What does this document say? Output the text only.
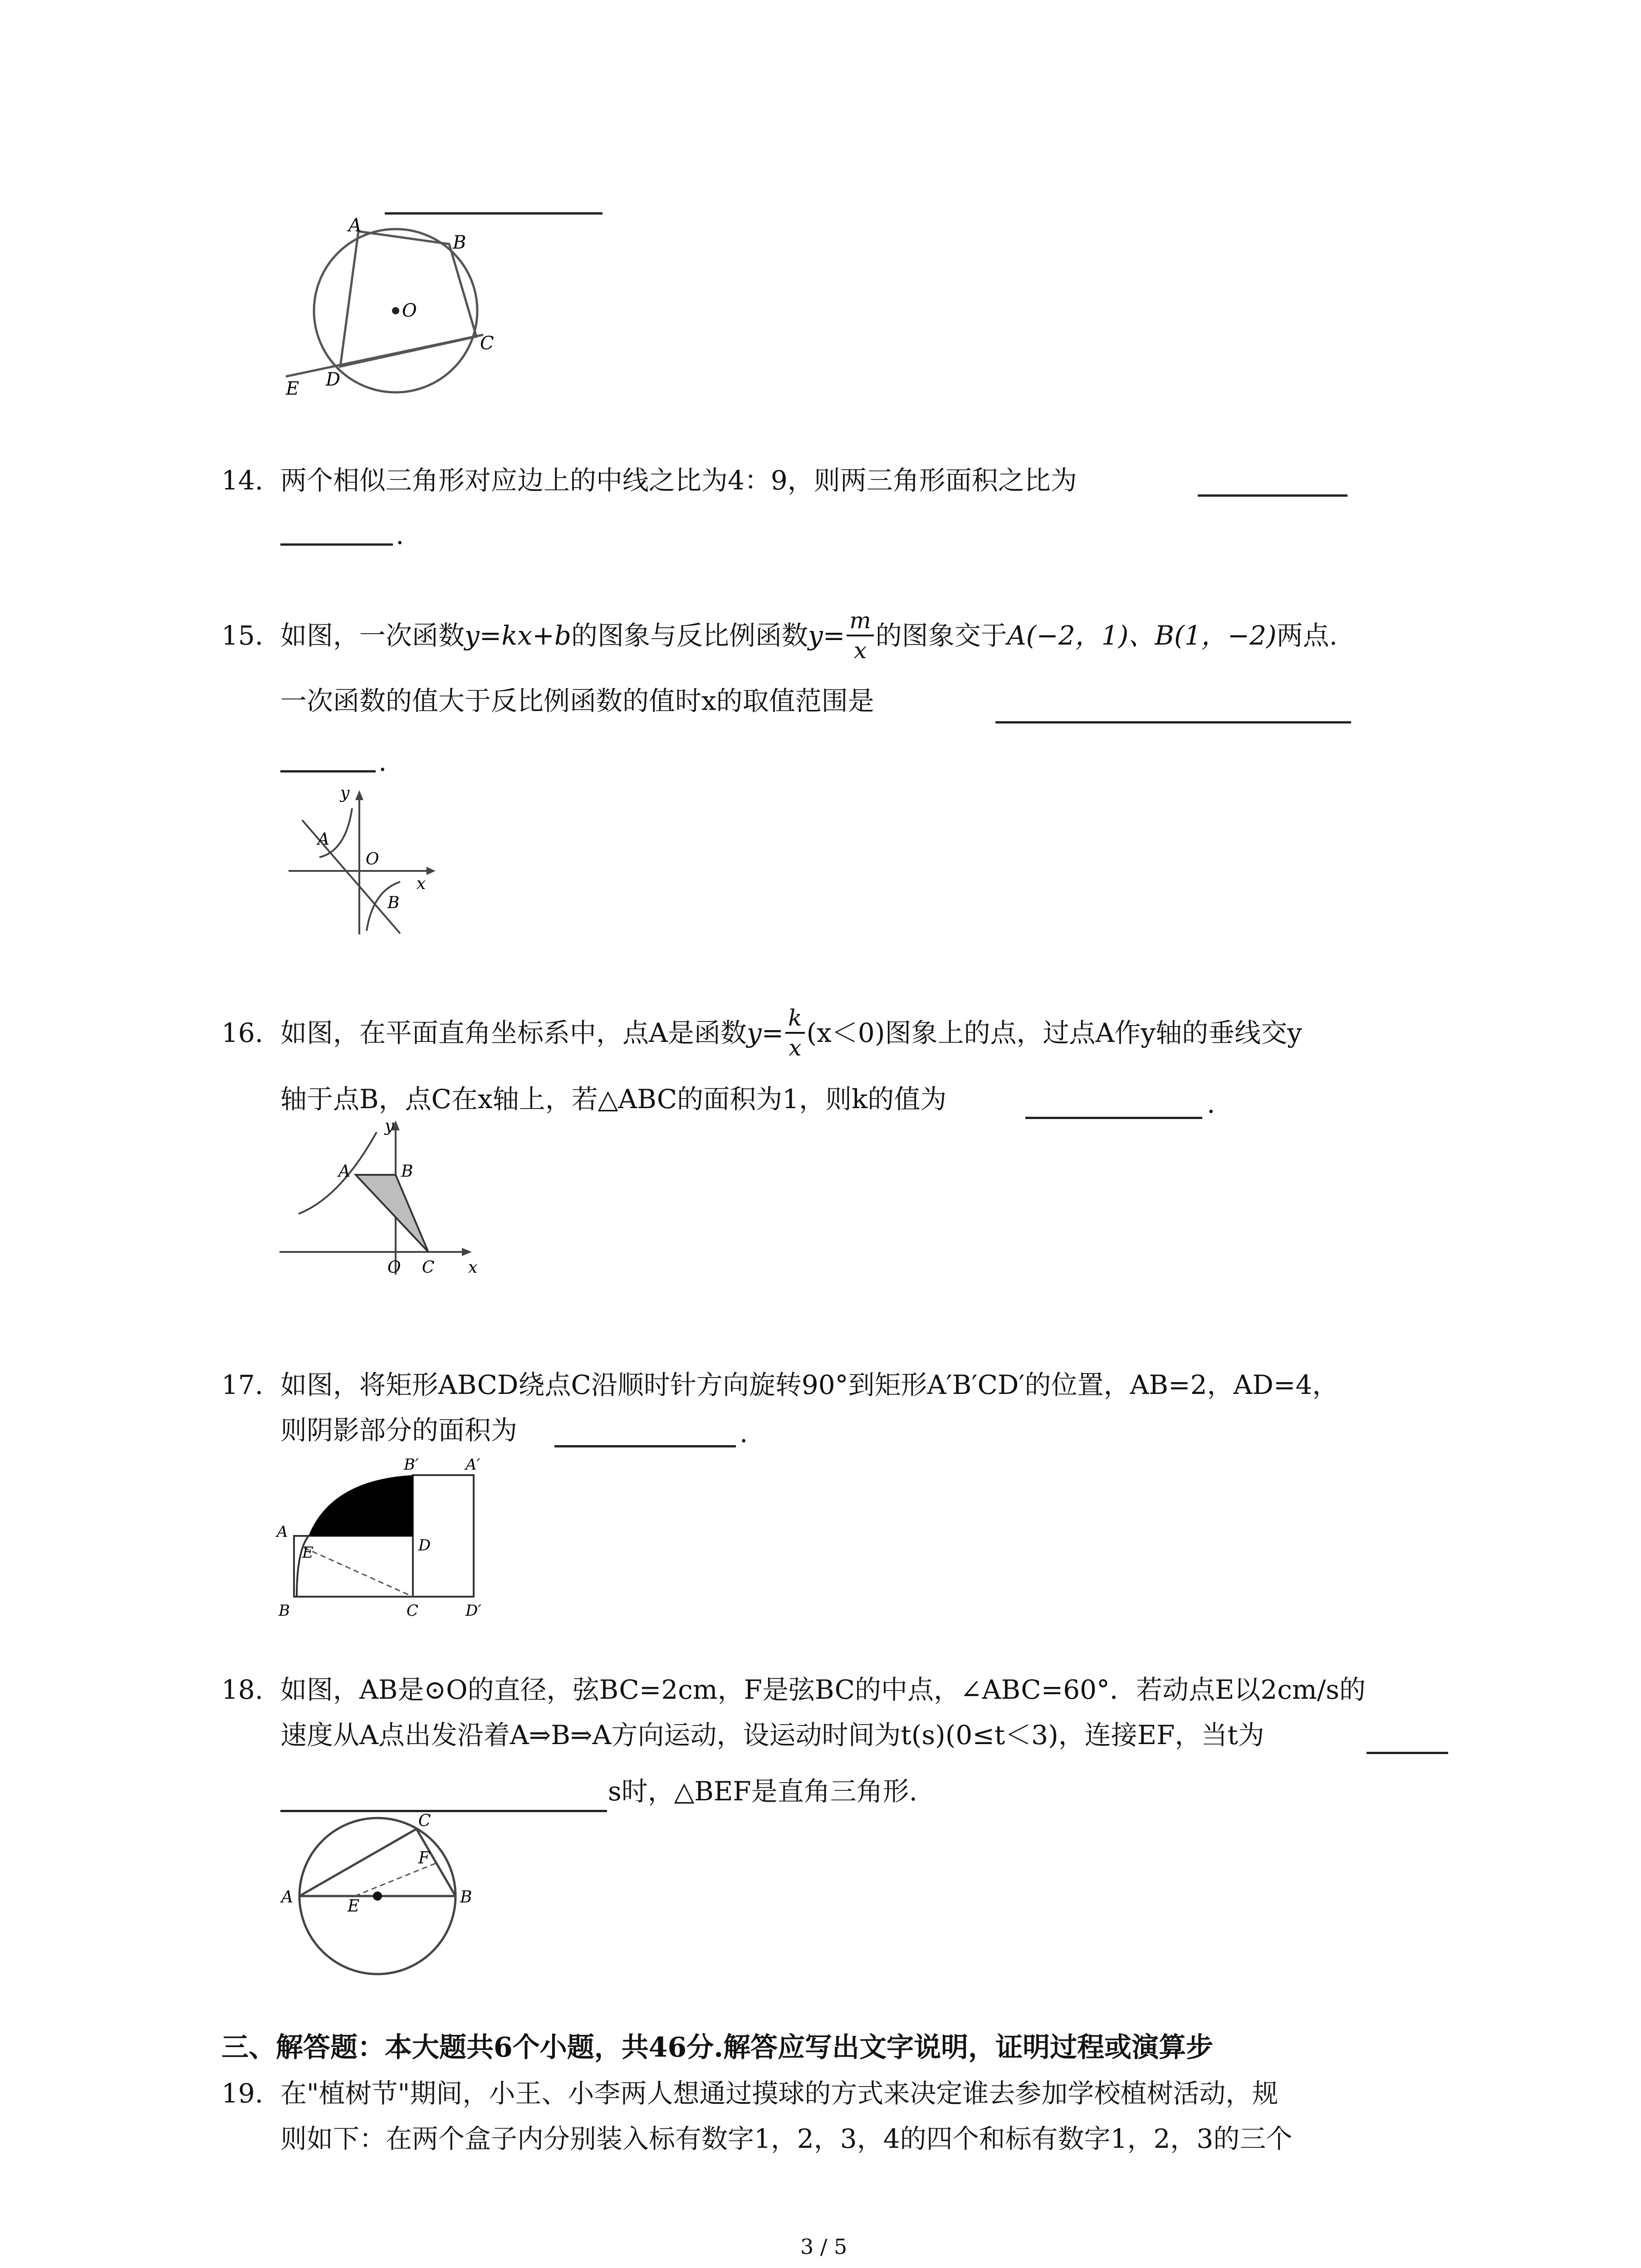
A
B
C
D
E
O
14. 两个相似三角形对应边上的中线之比为4：9，则两三角形面积之比为
.
15. 如图，一次函数 y=kx+b 的图象与反比例函数 $y= \frac{m}{x}$ 的图象交于 A(−2，1)、B(1，−2) 两点.
一次函数的值大于反比例函数的值时x的取值范围是
.
y
x
O
A
B
16. 如图，在平面直角坐标系中，点A是函数 $y= \frac{k}{x} (x<0)$图象上的点，过点A作y轴的垂线交y
轴于点B，点C在x轴上，若△ABC的面积为1，则k的值为	.
y
x
O
A	B
C
17. 如图，将矩形ABCD绕点C沿顺时针方向旋转90°到矩形A′B′CD′的位置，AB=2，AD=4，
则阴影部分的面积为	.
A
B	C
D
E
A′
B′
D′
18. 如图，AB是⊙O的直径，弦BC=2cm，F是弦BC的中点，∠ABC=60°．若动点E以2cm/s的
速度从A点出发沿着A⇒B⇒A方向运动，设运动时间为t(s)(0≤t＜3)，连接EF，当t为
s时，△BEF是直角三角形.
A	B
C
E
F
三、解答题：本大题共6个小题，共46分.解答应写出文字说明，证明过程或演算步
19. 在"植树节"期间，小王、小李两人想通过摸球的方式来决定谁去参加学校植树活动，规
则如下：在两个盒子内分别装入标有数字1，2，3，4的四个和标有数字1，2，3的三个
3 / 5
